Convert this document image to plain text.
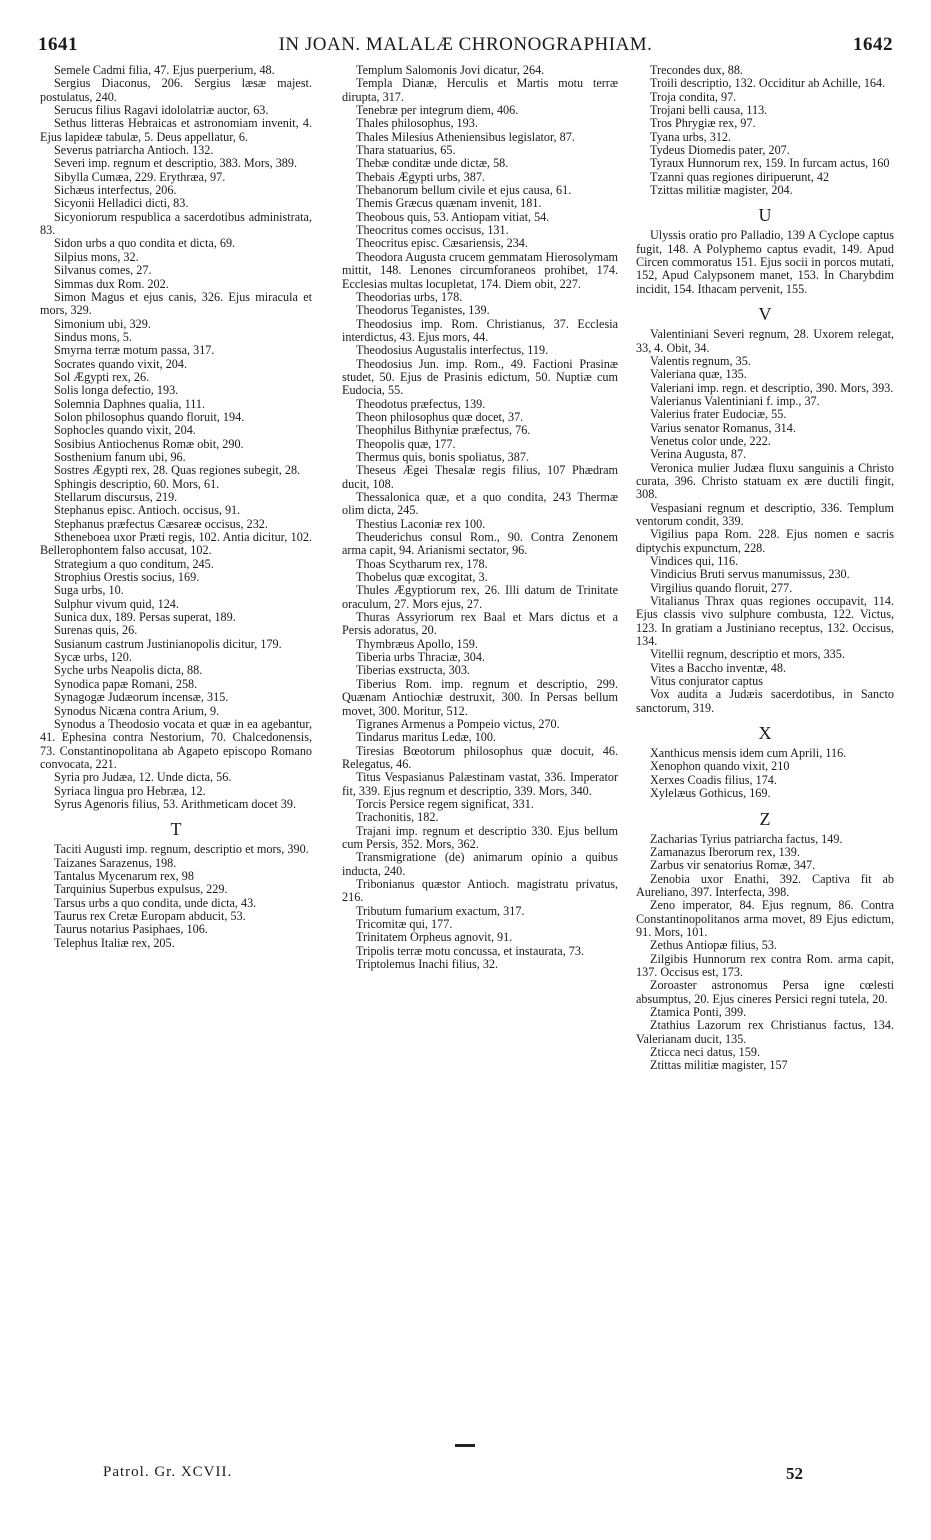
1641	IN JOAN. MALALÆ CHRONOGRAPHIAM.	1642

Semele Cadmi filia, 47. Ejus puerperium, 48.

Sergius Diaconus, 206. Sergius læsæ majest. postulatus, 240.

Serucus filius Ragavi idololatriæ auctor, 63.

Sethus litteras Hebraicas et astronomiam invenit, 4. Ejus lapideæ tabulæ, 5. Deus appellatur, 6.

Severus patriarcha Antioch. 132.

Severi imp. regnum et descriptio, 383. Mors, 389.

Sibylla Cumæa, 229. Erythræa, 97.

Sichæus interfectus, 206.

Sicyonii Helladici dicti, 83.

Sicyoniorum respublica a sacerdotibus administrata, 83.

Sidon urbs a quo condita et dicta, 69.

Silpius mons, 32.

Silvanus comes, 27.

Simmas dux Rom. 202.

Simon Magus et ejus canis, 326. Ejus miracula et mors, 329.

Simonium ubi, 329.

Sindus mons, 5.

Smyrna terræ motum passa, 317.

Socrates quando vixit, 204.

Sol Ægypti rex, 26.

Solis longa defectio, 193.

Solemnia Daphnes qualia, 111.

Solon philosophus quando floruit, 194.

Sophocles quando vixit, 204.

Sosibius Antiochenus Romæ obit, 290.

Sosthenium fanum ubi, 96.

Sostres Ægypti rex, 28. Quas regiones subegit, 28.

Sphingis descriptio, 60. Mors, 61.

Stellarum discursus, 219.

Stephanus episc. Antioch. occisus, 91.

Stephanus præfectus Cæsareæ occisus, 232.

Stheneboea uxor Præti regis, 102. Antia dicitur, 102. Bellerophontem falso accusat, 102.

Strategium a quo conditum, 245.

Strophius Orestis socius, 169.

Suga urbs, 10.

Sulphur vivum quid, 124.

Sunica dux, 189. Persas superat, 189.

Surenas quis, 26.

Susianum castrum Justinianopolis dicitur, 179.

Sycæ urbs, 120.

Syche urbs Neapolis dicta, 88.

Synodica papæ Romani, 258.

Synagogæ Judæorum incensæ, 315.

Synodus Nicæna contra Arium, 9.

Synodus a Theodosio vocata et quæ in ea agebantur, 41. Ephesina contra Nestorium, 70. Chalcedonensis, 73. Constantinopolitana ab Agapeto episcopo Romano convocata, 221.

Syria pro Judæa, 12. Unde dicta, 56.

Syriaca lingua pro Hebræa, 12.

Syrus Agenoris filius, 53. Arithmeticam docet 39.

T

Taciti Augusti imp. regnum, descriptio et mors, 390.

Taizanes Sarazenus, 198.

Tantalus Mycenarum rex, 98

Tarquinius Superbus expulsus, 229.

Tarsus urbs a quo condita, unde dicta, 43.

Taurus rex Cretæ Europam abducit, 53.

Taurus notarius Pasiphaes, 106.

Telephus Italiæ rex, 205.

Templum Salomonis Jovi dicatur, 264.

Templa Dianæ, Herculis et Martis motu terræ dirupta, 317.

Tenebræ per integrum diem, 406.

Thales philosophus, 193.

Thales Milesius Atheniensibus legislator, 87.

Thara statuarius, 65.

Thebæ conditæ unde dictæ, 58.

Thebais Ægypti urbs, 387.

Thebanorum bellum civile et ejus causa, 61.

Themis Græcus quænam invenit, 181.

Theobous quis, 53. Antiopam vitiat, 54.

Theocritus comes occisus, 131.

Theocritus episc. Cæsariensis, 234.

Theodora Augusta crucem gemmatam Hierosolymam mittit, 148. Lenones circumforaneos prohibet, 174. Ecclesias multas locupletat, 174. Diem obit, 227.

Theodorias urbs, 178.

Theodorus Teganistes, 139.

Theodosius imp. Rom. Christianus, 37. Ecclesia interdictus, 43. Ejus mors, 44.

Theodosius Augustalis interfectus, 119.

Theodosius Jun. imp. Rom., 49. Factioni Prasinæ studet, 50. Ejus de Prasinis edictum, 50. Nuptiæ cum Eudocia, 55.

Theodotus præfectus, 139.

Theon philosophus quæ docet, 37.

Theophilus Bithyniæ præfectus, 76.

Theopolis quæ, 177.

Thermus quis, bonis spoliatus, 387.

Theseus Ægei Thesalæ regis filius, 107 Phædram ducit, 108.

Thessalonica quæ, et a quo condita, 243 Thermæ olim dicta, 245.

Thestius Laconiæ rex 100.

Theuderichus consul Rom., 90. Contra Zenonem arma capit, 94. Arianismi sectator, 96.

Thoas Scytharum rex, 178.

Thobelus quæ excogitat, 3.

Thules Ægyptiorum rex, 26. Illi datum de Trinitate oraculum, 27. Mors ejus, 27.

Thuras Assyriorum rex Baal et Mars dictus et a Persis adoratus, 20.

Thymbræus Apollo, 159.

Tiberia urbs Thraciæ, 304.

Tiberias exstructa, 303.

Tiberius Rom. imp. regnum et descriptio, 299. Quænam Antiochiæ destruxit, 300. In Persas bellum movet, 300. Moritur, 512.

Tigranes Armenus a Pompeio victus, 270.

Tindarus maritus Ledæ, 100.

Tiresias Bœotorum philosophus quæ docuit, 46. Relegatus, 46.

Titus Vespasianus Palæstinam vastat, 336. Imperator fit, 339. Ejus regnum et descriptio, 339. Mors, 340.

Torcis Persice regem significat, 331.

Trachonitis, 182.

Trajani imp. regnum et descriptio 330. Ejus bellum cum Persis, 352. Mors, 362.

Transmigratione (de) animarum opinio a quibus inducta, 240.

Tribonianus quæstor Antioch. magistratu privatus, 216.

Tributum fumarium exactum, 317.

Tricomitæ qui, 177.

Trinitatem Orpheus agnovit, 91.

Tripolis terræ motu concussa, et instaurata, 73.

Triptolemus Inachi filius, 32.

Trecondes dux, 88.

Troili descriptio, 132. Occiditur ab Achille, 164.

Troja condita, 97.

Trojani belli causa, 113.

Tros Phrygiæ rex, 97.

Tyana urbs, 312.

Tydeus Diomedis pater, 207.

Tyraux Hunnorum rex, 159. In furcam actus, 160

Tzanni quas regiones diripuerunt, 42

Tzittas militiæ magister, 204.

U

Ulyssis oratio pro Palladio, 139 A Cyclope captus fugit, 148. A Polyphemo captus evadit, 149. Apud Circen commoratus 151. Ejus socii in porcos mutati, 152, Apud Calypsonem manet, 153. In Charybdim incidit, 154. Ithacam pervenit, 155.

V

Valentiniani Severi regnum, 28. Uxorem relegat, 33, 4. Obit, 34.

Valentis regnum, 35.

Valeriana quæ, 135.

Valeriani imp. regn. et descriptio, 390. Mors, 393.

Valerianus Valentiniani f. imp., 37.

Valerius frater Eudociæ, 55.

Varius senator Romanus, 314.

Venetus color unde, 222.

Verina Augusta, 87.

Veronica mulier Judæa fluxu sanguinis a Christo curata, 396. Christo statuam ex ære ductili fingit, 308.

Vespasiani regnum et descriptio, 336. Templum ventorum condit, 339.

Vigilius papa Rom. 228. Ejus nomen e sacris diptychis expunctum, 228.

Vindices qui, 116.

Vindicius Bruti servus manumissus, 230.

Virgilius quando floruit, 277.

Vitalianus Thrax quas regiones occupavit, 114. Ejus classis vivo sulphure combusta, 122. Victus, 123. In gratiam a Justiniano receptus, 132. Occisus, 134.

Vitellii regnum, descriptio et mors, 335.

Vites a Baccho inventæ, 48.

Vitus conjurator captus

Vox audita a Judæis sacerdotibus, in Sancto sanctorum, 319.

X

Xanthicus mensis idem cum Aprili, 116.

Xenophon quando vixit, 210

Xerxes Coadis filius, 174.

Xylelæus Gothicus, 169.

Z

Zacharias Tyrius patriarcha factus, 149.

Zamanazus Iberorum rex, 139.

Zarbus vir senatorius Romæ, 347.

Zenobia uxor Enathi, 392. Captiva fit ab Aureliano, 397. Interfecta, 398.

Zeno imperator, 84. Ejus regnum, 86. Contra Constantinopolitanos arma movet, 89 Ejus edictum, 91. Mors, 101.

Zethus Antiopæ filius, 53.

Zilgibis Hunnorum rex contra Rom. arma capit, 137. Occisus est, 173.

Zoroaster astronomus Persa igne cœlesti absumptus, 20. Ejus cineres Persici regni tutela, 20.

Ztamica Ponti, 399.

Ztathius Lazorum rex Christianus factus, 134. Valerianam ducit, 135.

Zticca neci datus, 159.

Ztittas militiæ magister, 157

Patrol. Gr. XCVII.	52
